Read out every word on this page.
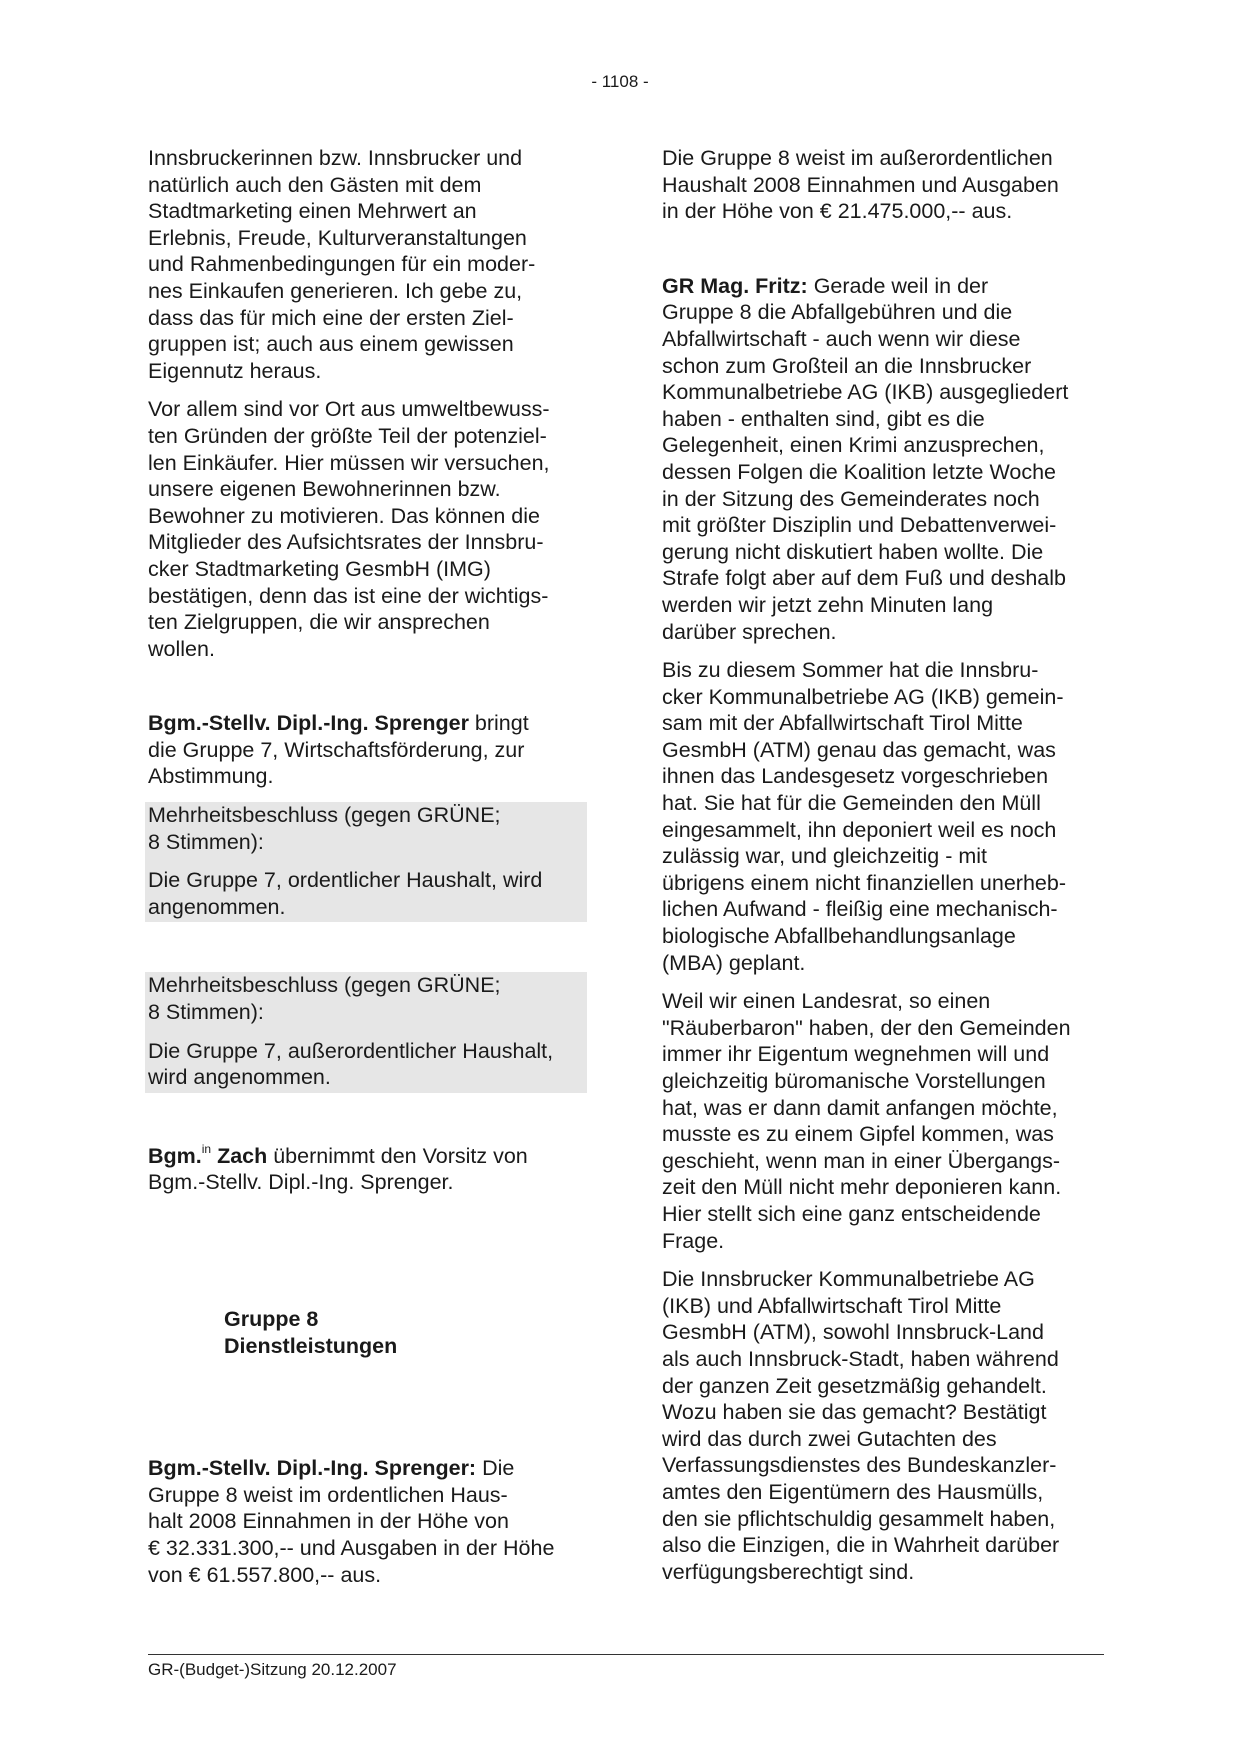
- 1108 -

Innsbruckerinnen bzw. Innsbrucker und
natürlich auch den Gästen mit dem
Stadtmarketing einen Mehrwert an
Erlebnis, Freude, Kulturveranstaltungen
und Rahmenbedingungen für ein moder-
nes Einkaufen generieren. Ich gebe zu,
dass das für mich eine der ersten Ziel-
gruppen ist; auch aus einem gewissen
Eigennutz heraus.

Vor allem sind vor Ort aus umweltbewuss-
ten Gründen der größte Teil der potenziel-
len Einkäufer. Hier müssen wir versuchen,
unsere eigenen Bewohnerinnen bzw.
Bewohner zu motivieren. Das können die
Mitglieder des Aufsichtsrates der Innsbru-
cker Stadtmarketing GesmbH (IMG)
bestätigen, denn das ist eine der wichtigs-
ten Zielgruppen, die wir ansprechen
wollen.

Bgm.-Stellv. Dipl.-Ing. Sprenger bringt
die Gruppe 7, Wirtschaftsförderung, zur
Abstimmung.

Mehrheitsbeschluss (gegen GRÜNE;
8 Stimmen):

Die Gruppe 7, ordentlicher Haushalt, wird
angenommen.

Mehrheitsbeschluss (gegen GRÜNE;
8 Stimmen):

Die Gruppe 7, außerordentlicher Haushalt,
wird angenommen.

Bgm.$^{in}$ Zach übernimmt den Vorsitz von
Bgm.-Stellv. Dipl.-Ing. Sprenger.

Gruppe 8
Dienstleistungen

Bgm.-Stellv. Dipl.-Ing. Sprenger: Die
Gruppe 8 weist im ordentlichen Haus-
halt 2008 Einnahmen in der Höhe von
€ 32.331.300,-- und Ausgaben in der Höhe
von € 61.557.800,-- aus.

Die Gruppe 8 weist im außerordentlichen
Haushalt 2008 Einnahmen und Ausgaben
in der Höhe von € 21.475.000,-- aus.

GR Mag. Fritz: Gerade weil in der
Gruppe 8 die Abfallgebühren und die
Abfallwirtschaft - auch wenn wir diese
schon zum Großteil an die Innsbrucker
Kommunalbetriebe AG (IKB) ausgegliedert
haben - enthalten sind, gibt es die
Gelegenheit, einen Krimi anzusprechen,
dessen Folgen die Koalition letzte Woche
in der Sitzung des Gemeinderates noch
mit größter Disziplin und Debattenverwei-
gerung nicht diskutiert haben wollte. Die
Strafe folgt aber auf dem Fuß und deshalb
werden wir jetzt zehn Minuten lang
darüber sprechen.

Bis zu diesem Sommer hat die Innsbru-
cker Kommunalbetriebe AG (IKB) gemein-
sam mit der Abfallwirtschaft Tirol Mitte
GesmbH (ATM) genau das gemacht, was
ihnen das Landesgesetz vorgeschrieben
hat. Sie hat für die Gemeinden den Müll
eingesammelt, ihn deponiert weil es noch
zulässig war, und gleichzeitig - mit
übrigens einem nicht finanziellen unerheb-
lichen Aufwand - fleißig eine mechanisch-
biologische Abfallbehandlungsanlage
(MBA) geplant.

Weil wir einen Landesrat, so einen
"Räuberbaron" haben, der den Gemeinden
immer ihr Eigentum wegnehmen will und
gleichzeitig büromanische Vorstellungen
hat, was er dann damit anfangen möchte,
musste es zu einem Gipfel kommen, was
geschieht, wenn man in einer Übergangs-
zeit den Müll nicht mehr deponieren kann.
Hier stellt sich eine ganz entscheidende
Frage.

Die Innsbrucker Kommunalbetriebe AG
(IKB) und Abfallwirtschaft Tirol Mitte
GesmbH (ATM), sowohl Innsbruck-Land
als auch Innsbruck-Stadt, haben während
der ganzen Zeit gesetzmäßig gehandelt.
Wozu haben sie das gemacht? Bestätigt
wird das durch zwei Gutachten des
Verfassungsdienstes des Bundeskanzler-
amtes den Eigentümern des Hausmülls,
den sie pflichtschuldig gesammelt haben,
also die Einzigen, die in Wahrheit darüber
verfügungsberechtigt sind.

GR-(Budget-)Sitzung 20.12.2007
